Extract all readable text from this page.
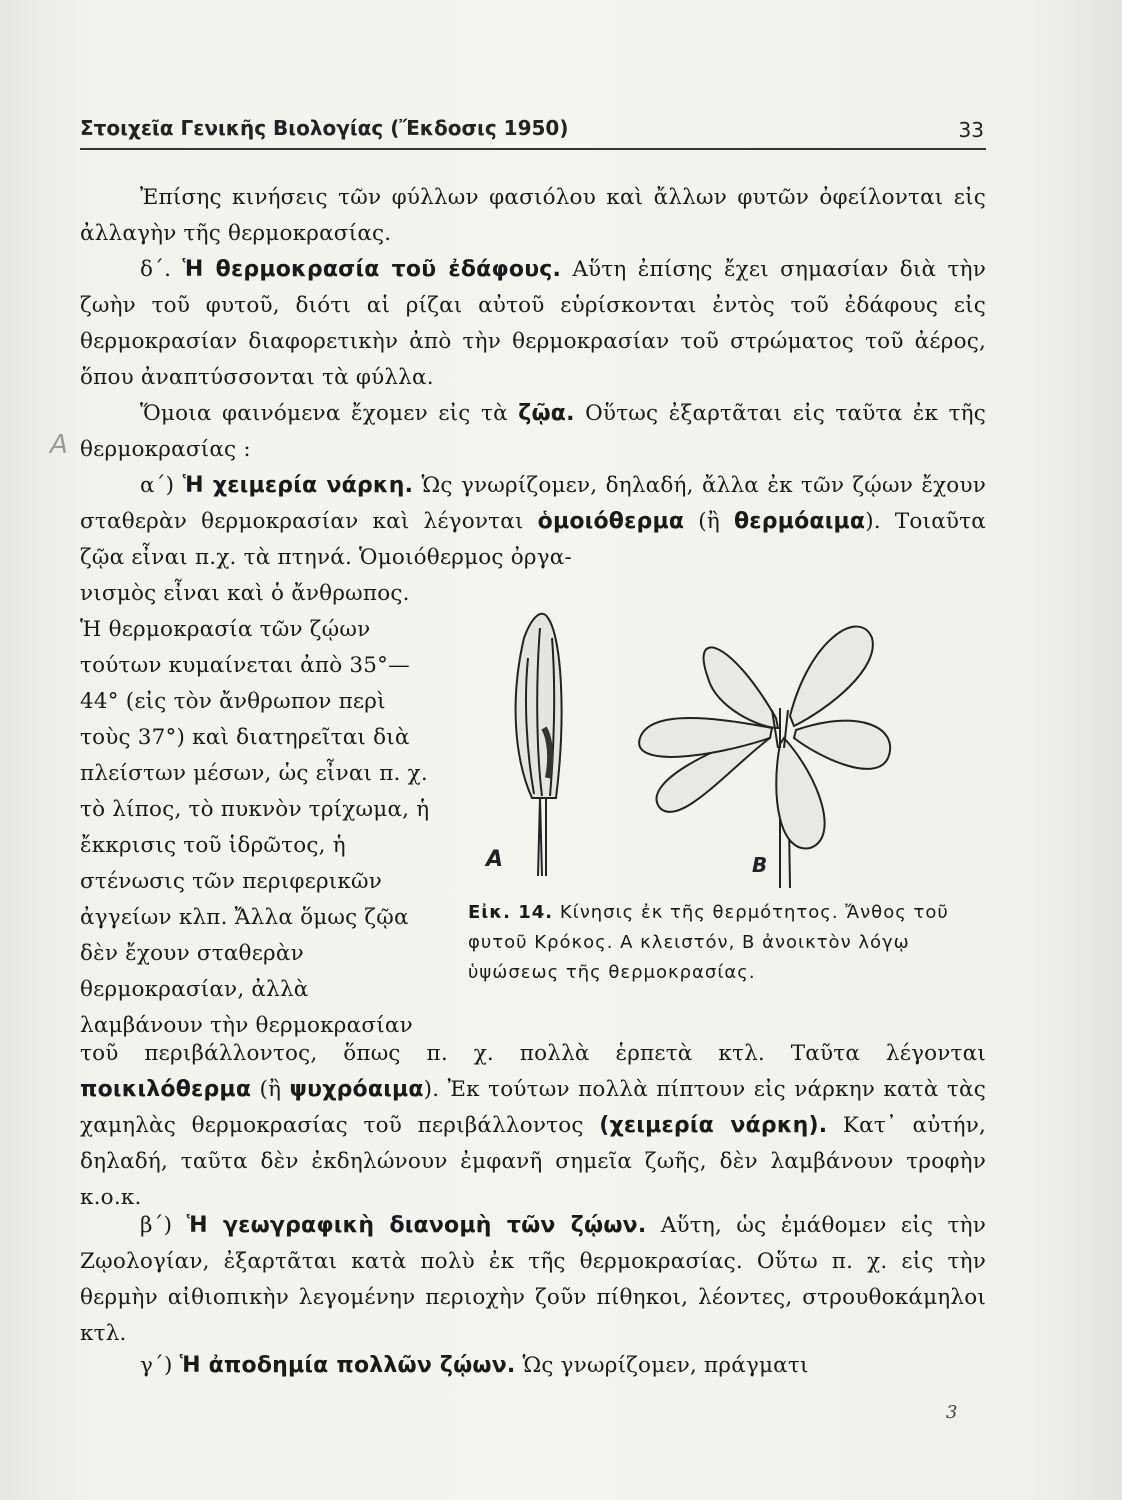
Στοιχεῖα Γενικῆς Βιολογίας (Ἔκδοσις 1950)	33

Ἐπίσης κινήσεις τῶν φύλλων φασιόλου καὶ ἄλλων φυτῶν ὀφείλονται εἰς ἀλλαγὴν τῆς θερμοκρασίας.

δ΄. Ἡ θερμοκρασία τοῦ ἐδάφους. Αὕτη ἐπίσης ἔχει σημασίαν διὰ τὴν ζωὴν τοῦ φυτοῦ, διότι αἱ ρίζαι αὐτοῦ εὑρίσκονται ἐντὸς τοῦ ἐδάφους εἰς θερμοκρασίαν διαφορετικὴν ἀπὸ τὴν θερμοκρασίαν τοῦ στρώματος τοῦ ἀέρος, ὅπου ἀναπτύσσονται τὰ φύλλα.

Ὅμοια φαινόμενα ἔχομεν εἰς τὰ ζῷα. Οὕτως ἐξαρτᾶται εἰς ταῦτα ἐκ τῆς θερμοκρασίας :

Α

α΄) Ἡ χειμερία νάρκη. Ὡς γνωρίζομεν, δηλαδή, ἄλλα ἐκ τῶν ζῴων ἔχουν σταθερὰν θερμοκρασίαν καὶ λέγονται ὁμοιόθερμα (ἢ θερμόαιμα). Τοιαῦτα ζῷα εἶναι π.χ. τὰ πτηνά. Ὁμοιόθερμος ὀργα-

νισμὸς εἶναι καὶ ὁ ἄνθρωπος. Ἡ θερμοκρασία τῶν ζῴων τούτων κυμαίνεται ἀπὸ 35°—44° (εἰς τὸν ἄνθρωπον περὶ τοὺς 37°) καὶ διατηρεῖται διὰ πλείστων μέσων, ὡς εἶναι π. χ. τὸ λίπος, τὸ πυκνὸν τρίχωμα, ἡ ἔκκρισις τοῦ ἱδρῶτος, ἡ στένωσις τῶν περιφερικῶν ἀγγείων κλπ. Ἄλλα ὅμως ζῷα δὲν ἔχουν σταθερὰν θερμοκρασίαν, ἀλλὰ λαμβάνουν τὴν θερμοκρασίαν

A	B

Εἰκ. 14. Κίνησις ἐκ τῆς θερμότητος. Ἄνθος τοῦ φυτοῦ Κρόκος. Α κλειστόν, Β ἀνοικτὸν λόγῳ ὑψώσεως τῆς θερμοκρασίας.

τοῦ περιβάλλοντος, ὅπως π. χ. πολλὰ ἑρπετὰ κτλ. Ταῦτα λέγονται ποικιλόθερμα (ἢ ψυχρόαιμα). Ἐκ τούτων πολλὰ πίπτουν εἰς νάρκην κατὰ τὰς χαμηλὰς θερμοκρασίας τοῦ περιβάλλοντος (χειμερία νάρκη). Κατ᾽ αὐτήν, δηλαδή, ταῦτα δὲν ἐκδηλώνουν ἐμφανῆ σημεῖα ζωῆς, δὲν λαμβάνουν τροφὴν κ.ο.κ.

β΄) Ἡ γεωγραφικὴ διανομὴ τῶν ζῴων. Αὕτη, ὡς ἐμάθομεν εἰς τὴν Ζῳολογίαν, ἐξαρτᾶται κατὰ πολὺ ἐκ τῆς θερμοκρασίας. Οὕτω π. χ. εἰς τὴν θερμὴν αἰθιοπικὴν λεγομένην περιοχὴν ζοῦν πίθηκοι, λέοντες, στρουθοκάμηλοι κτλ.

γ΄) Ἡ ἀποδημία πολλῶν ζῴων. Ὡς γνωρίζομεν, πράγματι

3
